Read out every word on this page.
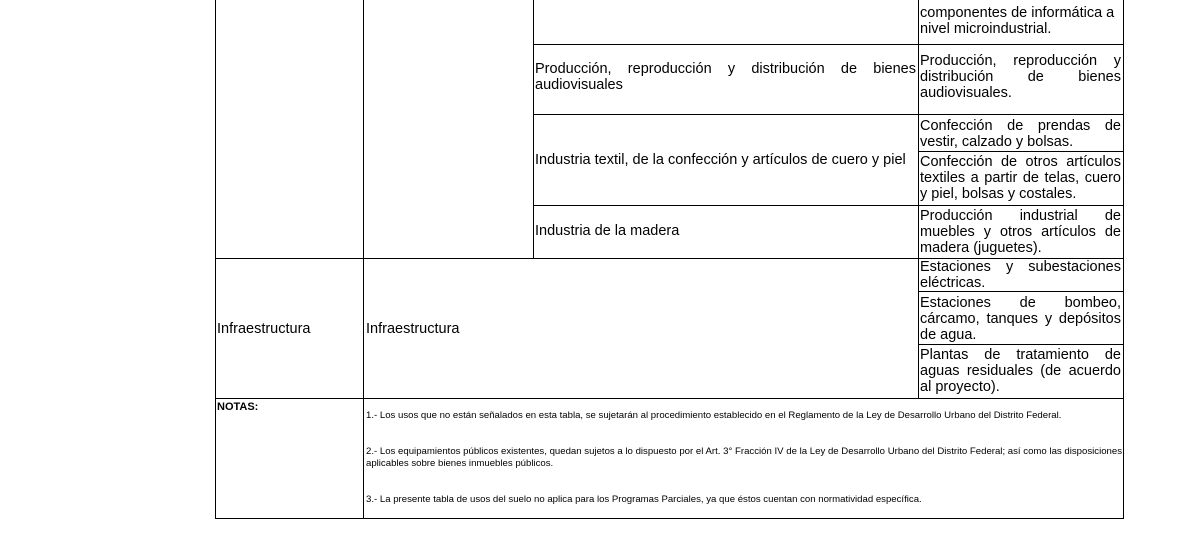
componentes de informática a
nivel microindustrial.
Producción, reproducción y distribución de bienes audiovisuales
Producción, reproducción y
distribución de bienes
audiovisuales.
Industria textil, de la confección y artículos de cuero y piel
Confección de prendas de
vestir, calzado y bolsas.
Confección de otros artículos
textiles a partir de telas, cuero
y piel, bolsas y costales.
Industria de la madera
Producción industrial de
muebles y otros artículos de
madera (juguetes).
Infraestructura	Infraestructura
Estaciones y subestaciones
eléctricas.
Estaciones de bombeo,
cárcamo, tanques y depósitos
de agua.
Plantas de tratamiento de
aguas residuales (de acuerdo
al proyecto).
NOTAS:
1.- Los usos que no están señalados en esta tabla, se sujetarán al procedimiento establecido en el Reglamento de la Ley de Desarrollo Urbano del Distrito Federal.
2.- Los equipamientos públicos existentes, quedan sujetos a lo dispuesto por el Art. 3° Fracción IV de la Ley de Desarrollo Urbano del Distrito Federal; así como las disposiciones aplicables sobre bienes inmuebles públicos.
3.- La presente tabla de usos del suelo no aplica para los Programas Parciales, ya que éstos cuentan con normatividad específica.
